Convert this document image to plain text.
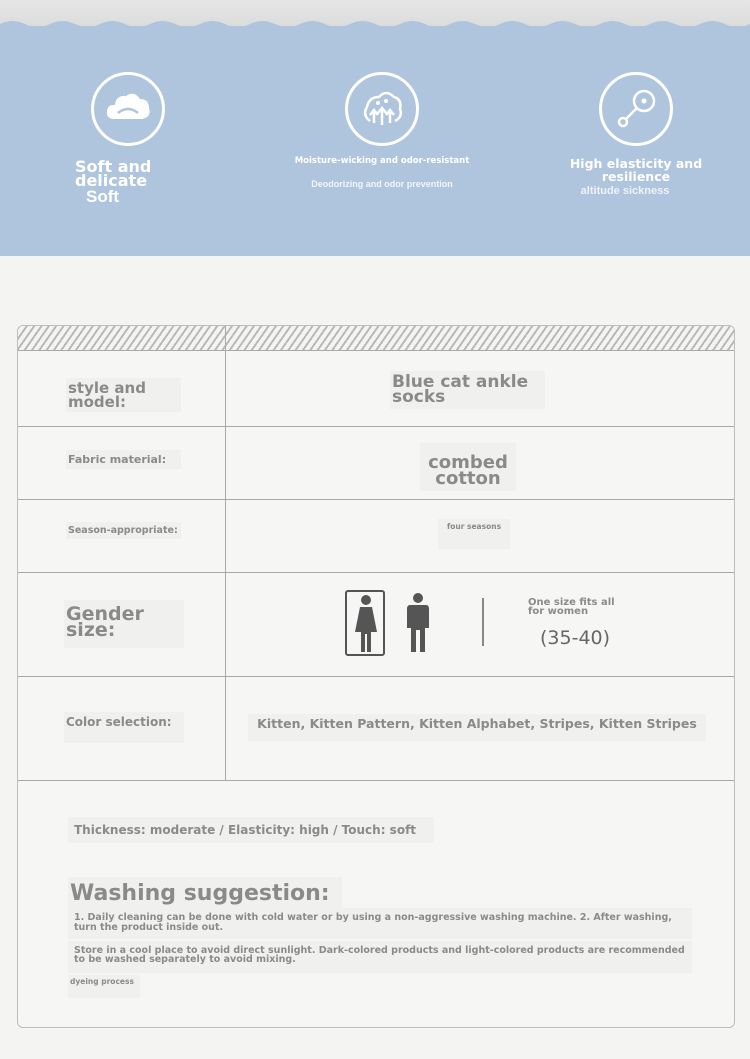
Soft and delicate
Soft
Moisture-wicking and odor-resistant
Deodorizing and odor prevention
High elasticity and resilience
altitude sickness
style and model:
Blue cat ankle socks
Fabric material:	combed cotton
Season-appropriate:	four seasons
Gender size:
One size fits all for women
(35-40)
Color selection:	Kitten, Kitten Pattern, Kitten Alphabet, Stripes, Kitten Stripes
Thickness: moderate / Elasticity: high / Touch: soft
Washing suggestion:
1. Daily cleaning can be done with cold water or by using a non-aggressive washing machine. 2. After washing, turn the product inside out.
Store in a cool place to avoid direct sunlight. Dark-colored products and light-colored products are recommended to be washed separately to avoid mixing.
dyeing process
